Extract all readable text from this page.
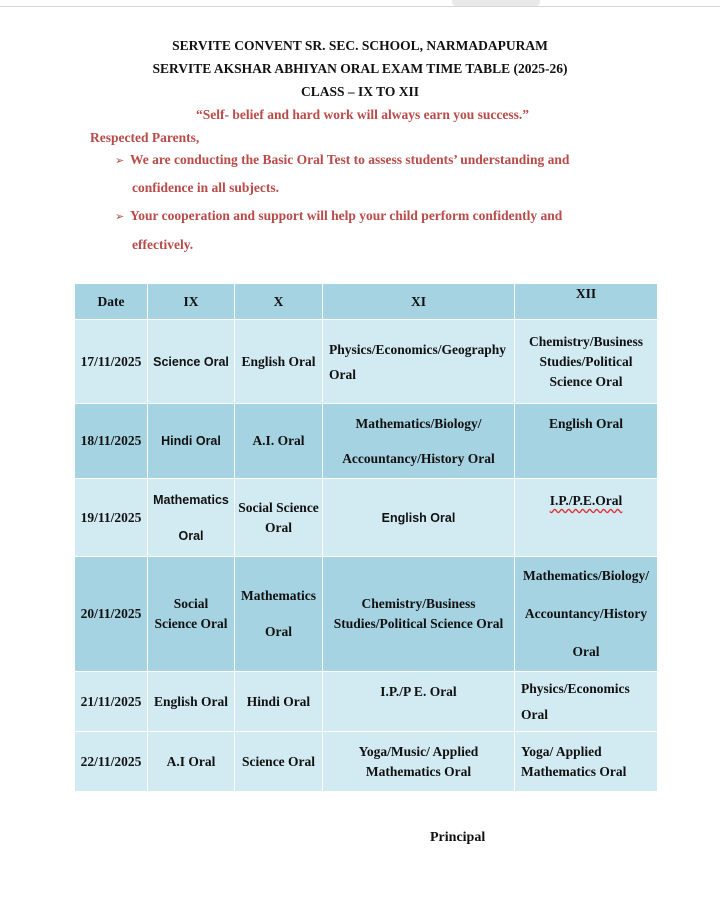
SERVITE CONVENT SR. SEC. SCHOOL, NARMADAPURAM
SERVITE AKSHAR ABHIYAN ORAL EXAM TIME TABLE (2025-26)
CLASS – IX TO XII
“Self- belief and hard work will always earn you success.”
Respected Parents,
➢ We are conducting the Basic Oral Test to assess students’ understanding and
confidence in all subjects.
➢ Your cooperation and support will help your child perform confidently and
effectively.
Date	IX	X	XI	XII
17/11/2025	Science Oral	English Oral	Physics/Economics/Geography Oral	Chemistry/Business Studies/Political Science Oral
18/11/2025	Hindi Oral	A.I. Oral	Mathematics/Biology/ Accountancy/History Oral	English Oral
19/11/2025	Mathematics Oral	Social Science Oral	English Oral	I.P./P.E.Oral
20/11/2025	Social Science Oral	Mathematics Oral	Chemistry/Business Studies/Political Science Oral	Mathematics/Biology/ Accountancy/History Oral
21/11/2025	English Oral	Hindi Oral	I.P./P E. Oral	Physics/Economics Oral
22/11/2025	A.I Oral	Science Oral	Yoga/Music/ Applied Mathematics Oral	Yoga/ Applied Mathematics Oral
Principal
